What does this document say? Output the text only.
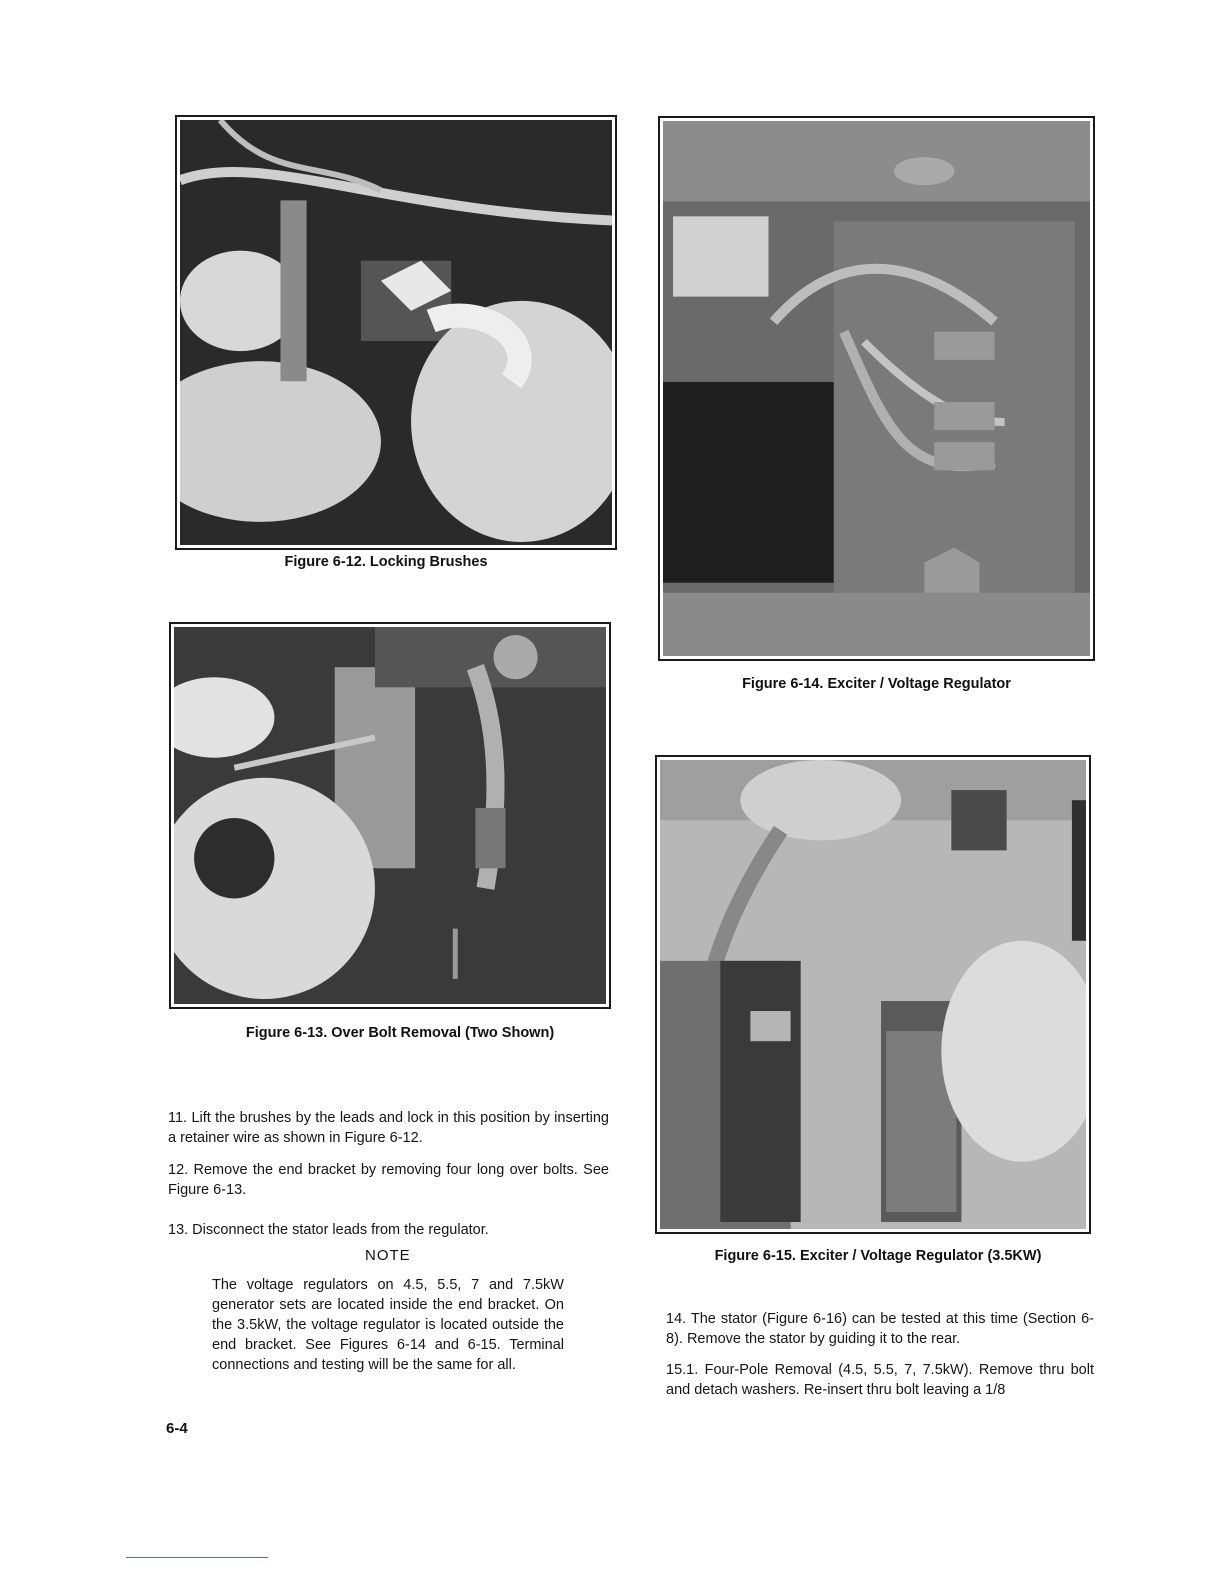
Figure 6-12. Locking Brushes
Figure 6-13. Over Bolt Removal (Two Shown)
Figure 6-14. Exciter / Voltage Regulator
Figure 6-15. Exciter / Voltage Regulator (3.5KW)

11. Lift the brushes by the leads and lock in this position by inserting a retainer wire as shown in Figure 6-12.

12. Remove the end bracket by removing four long over bolts. See Figure 6-13.

13. Disconnect the stator leads from the regulator.

NOTE

The voltage regulators on 4.5, 5.5, 7 and 7.5kW generator sets are located inside the end bracket. On the 3.5kW, the voltage regulator is located outside the end bracket. See Figures 6-14 and 6-15. Terminal connections and testing will be the same for all.

14. The stator (Figure 6-16) can be tested at this time (Section 6-8). Remove the stator by guiding it to the rear.

15.1. Four-Pole Removal (4.5, 5.5, 7, 7.5kW). Remove thru bolt and detach washers. Re-insert thru bolt leaving a 1/8

6-4
